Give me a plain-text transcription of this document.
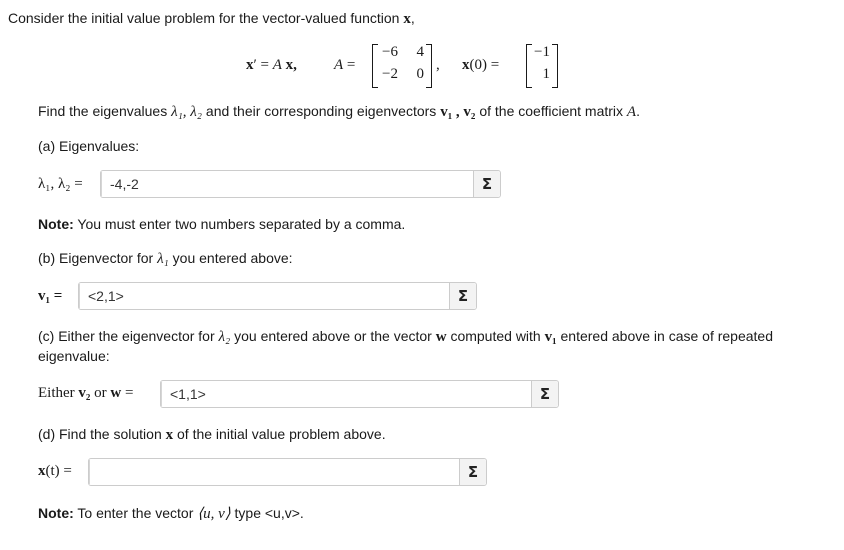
Consider the initial value problem for the vector-valued function x,
x′ = A x, A =
−6	4
−2	0
, x(0) =
−1
1
Find the eigenvalues λ₁, λ₂ and their corresponding eigenvectors v₁ , v₂ of the coefficient matrix A.
(a) Eigenvalues:
λ₁, λ₂ =
-4,-2	Σ
Note: You must enter two numbers separated by a comma.
(b) Eigenvector for λ₁ you entered above:
v₁ =
<2,1>	Σ
(c) Either the eigenvector for λ₂ you entered above or the vector w computed with v₁ entered above in case of repeated
eigenvalue:
Either v₂ or w =
<1,1>	Σ
(d) Find the solution x of the initial value problem above.
x(t) =	Σ
Note: To enter the vector ⟨u, v⟩ type <u,v>.
